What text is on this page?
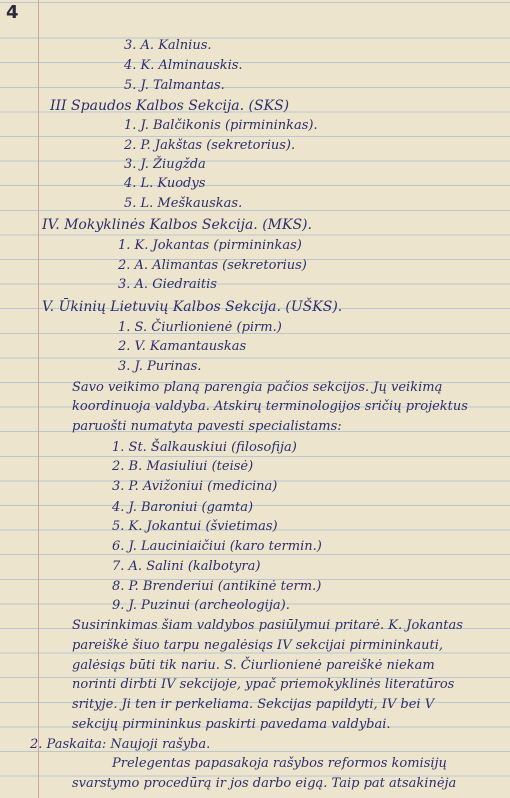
4
3. A. Kalnius.
4. K. Alminauskis.
5. J. Talmantas.
III Spaudos Kalbos Sekcija. (SKS)
1. J. Balčikonis (pirmininkas).
2. P. Jakštas (sekretorius).
3. J. Žiugžda
4. L. Kuodys
5. L. Meškauskas.
IV. Mokyklinės Kalbos Sekcija. (MKS).
1. K. Jokantas (pirmininkas)
2. A. Alimantas (sekretorius)
3. A. Giedraitis
V. Ūkinių Lietuvių Kalbos Sekcija. (UŠKS).
1. S. Čiurlionienė (pirm.)
2. V. Kamantauskas
3. J. Purinas.
Savo veikimo planą parengia pačios sekcijos. Jų veikimą
koordinuoja valdyba. Atskirų terminologijos sričių projektus
paruošti numatyta pavesti specialistams:
1. St. Šalkauskiui (filosofija)
2. B. Masiuliui (teisė)
3. P. Avižoniui (medicina)
4. J. Baroniui (gamta)
5. K. Jokantui (švietimas)
6. J. Lauciniaičiui (karo termin.)
7. A. Salini (kalbotyra)
8. P. Brenderiui (antikinė term.)
9. J. Puzinui (archeologija).
Susirinkimas šiam valdybos pasiūlymui pritarė. K. Jokantas
pareiškė šiuo tarpu negalėsiąs IV sekcijai pirmininkauti,
galėsiąs būti tik nariu. S. Čiurlionienė pareiškė niekam
norinti dirbti IV sekcijoje, ypač priemokyklinės literatūros
srityje. Ji ten ir perkeliama. Sekcijas papildyti, IV bei V
sekcijų pirmininkus paskirti pavedama valdybai.
2. Paskaita: Naujoji rašyba.
Prelegentas papasakoja rašybos reformos komisijų
svarstymo procedūrą ir jos darbo eigą. Taip pat atsakinėja
